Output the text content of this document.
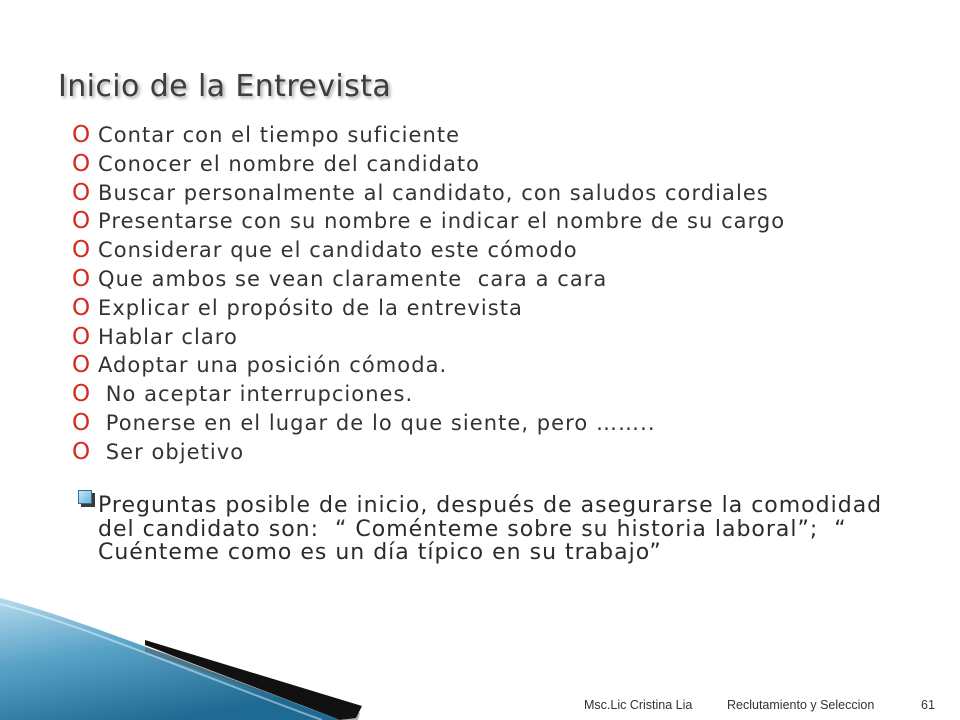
Inicio de la Entrevista
O Contar con el tiempo suficiente
O Conocer el nombre del candidato
O Buscar personalmente al candidato, con saludos cordiales
O Presentarse con su nombre e indicar el nombre de su cargo
O Considerar que el candidato este cómodo
O Que ambos se vean claramente  cara a cara
O Explicar el propósito de la entrevista
O Hablar claro
O Adoptar una posición cómoda.
O No aceptar interrupciones.
O Ponerse en el lugar de lo que siente, pero ……..
O Ser objetivo

Preguntas posible de inicio, después de asegurarse la comodidad del candidato son:  “ Coménteme sobre su historia laboral”;  “ Cuénteme como es un día típico en su trabajo”

Msc.Lic Cristina Lia	Reclutamiento y Seleccion	61
